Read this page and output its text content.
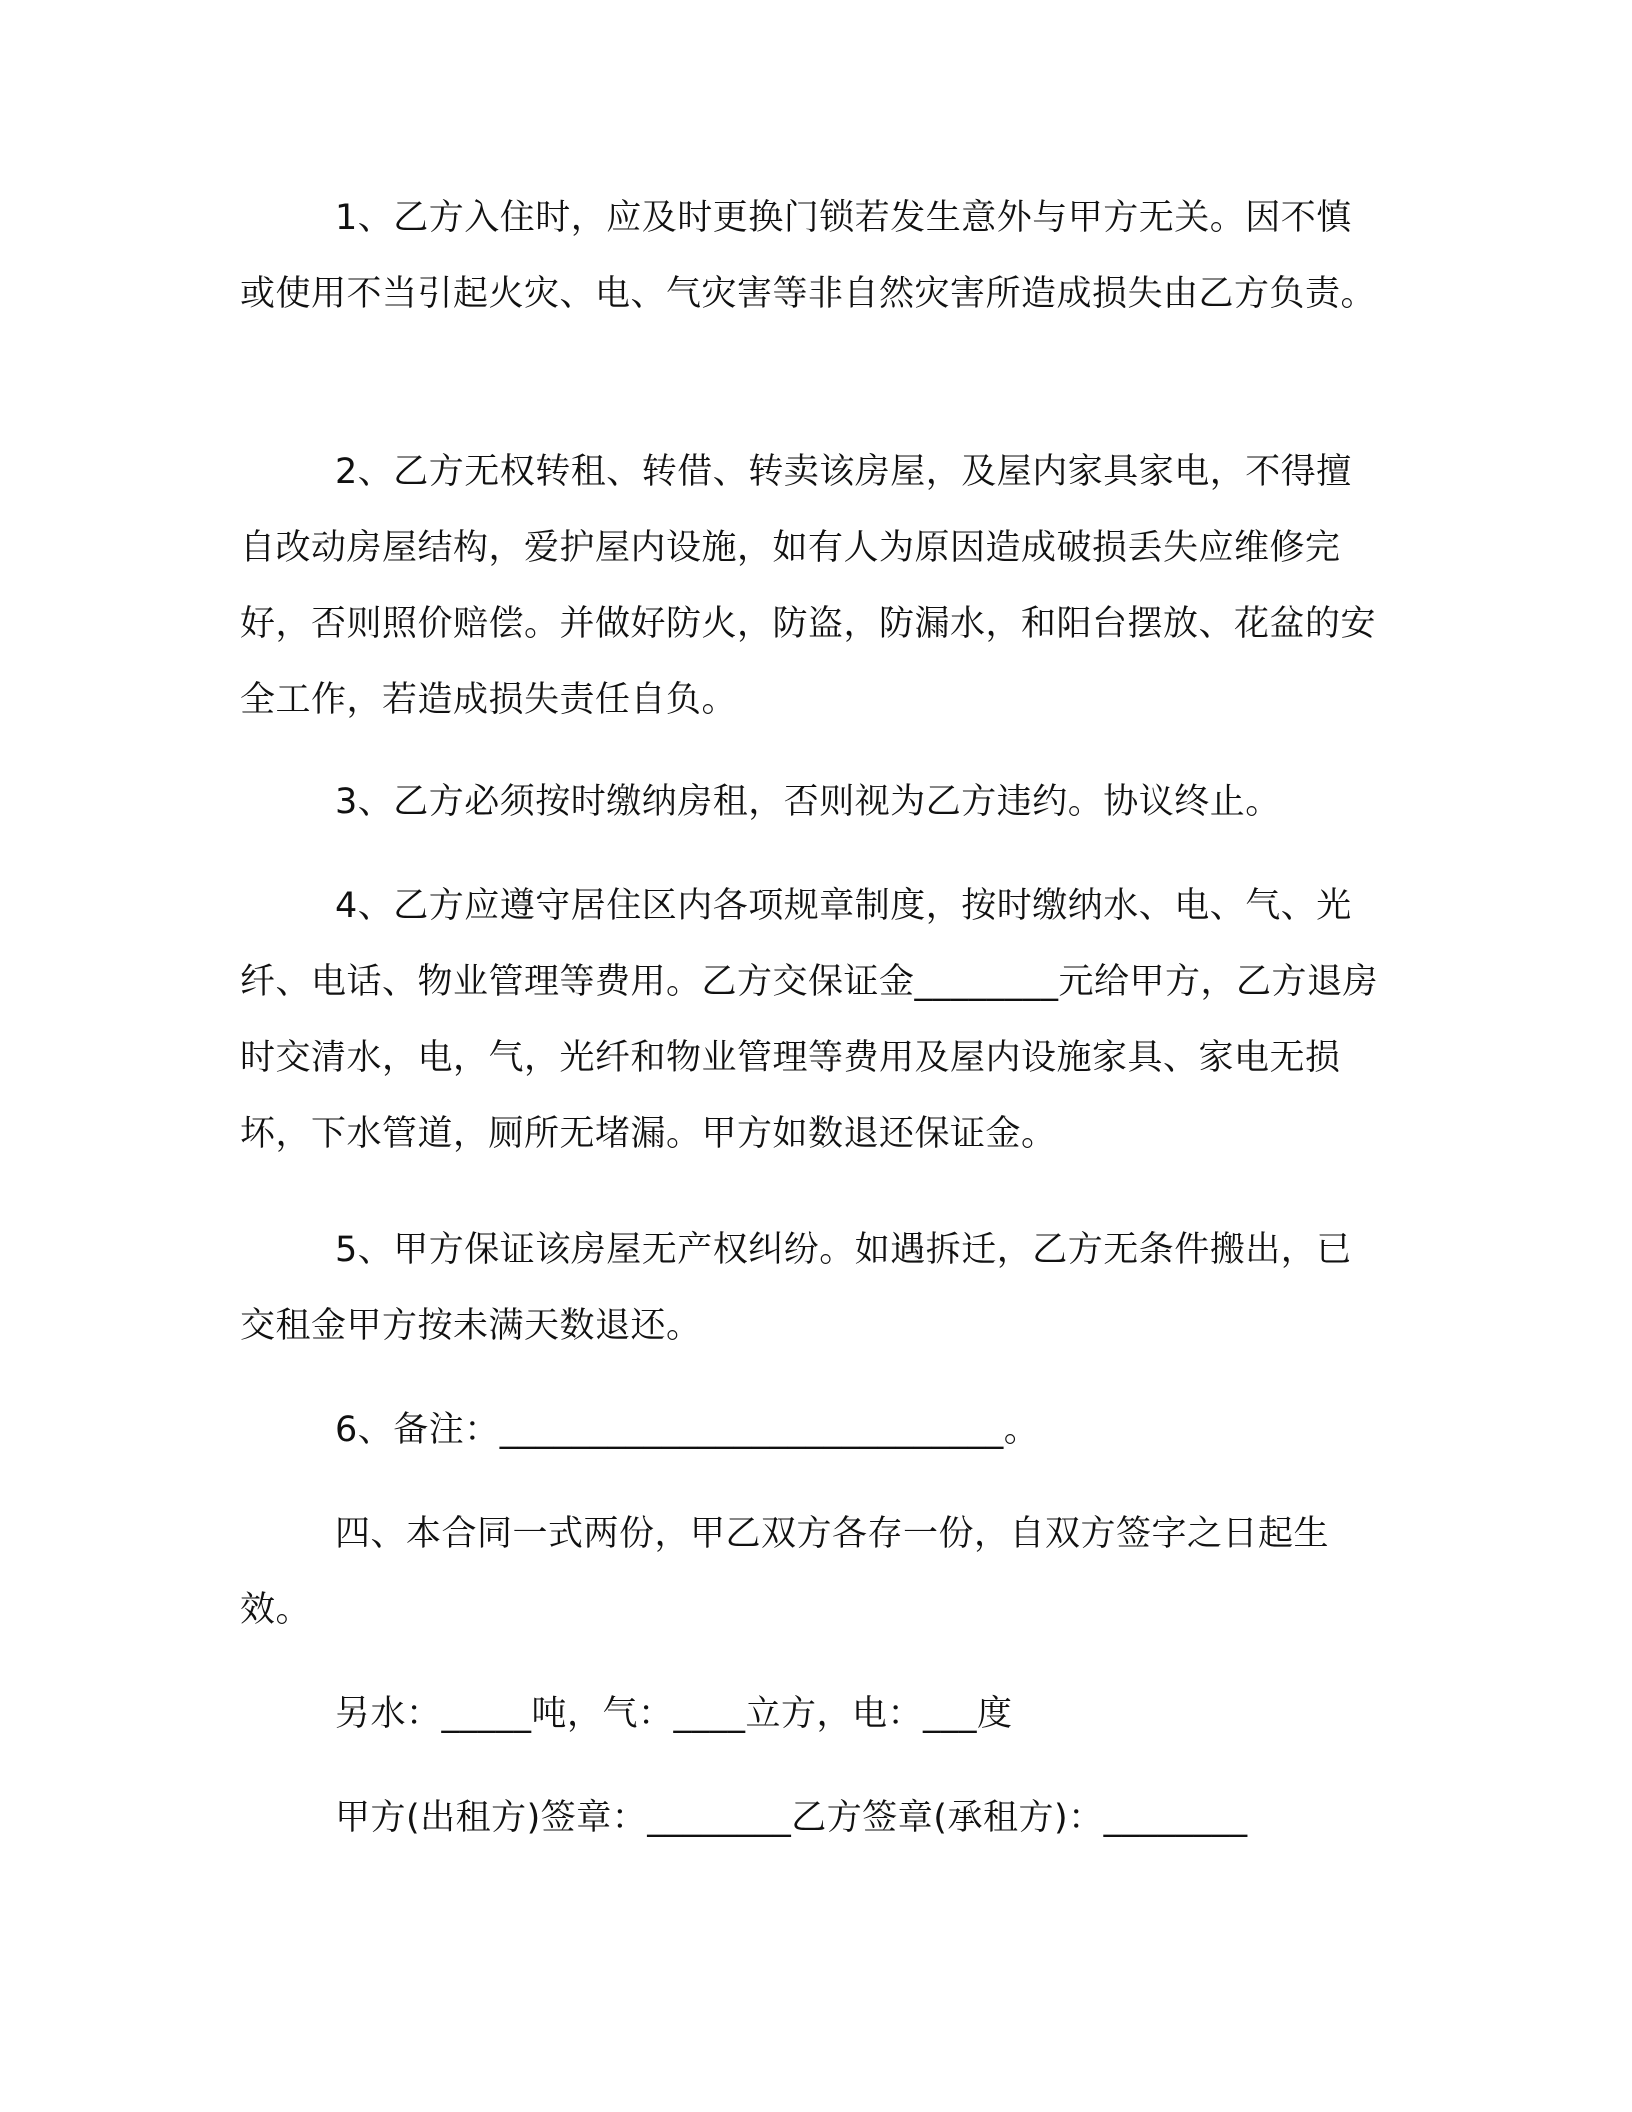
1、乙方入住时，应及时更换门锁若发生意外与甲方无关。因不慎或使用不当引起火灾、电、气灾害等非自然灾害所造成损失由乙方负责。

2、乙方无权转租、转借、转卖该房屋，及屋内家具家电，不得擅自改动房屋结构，爱护屋内设施，如有人为原因造成破损丢失应维修完好，否则照价赔偿。并做好防火，防盗，防漏水，和阳台摆放、花盆的安全工作，若造成损失责任自负。

3、乙方必须按时缴纳房租，否则视为乙方违约。协议终止。

4、乙方应遵守居住区内各项规章制度，按时缴纳水、电、气、光纤、电话、物业管理等费用。乙方交保证金________元给甲方，乙方退房时交清水，电，气，光纤和物业管理等费用及屋内设施家具、家电无损坏，下水管道，厕所无堵漏。甲方如数退还保证金。

5、甲方保证该房屋无产权纠纷。如遇拆迁，乙方无条件搬出，已交租金甲方按未满天数退还。

6、备注：____________________________。

四、本合同一式两份，甲乙双方各存一份，自双方签字之日起生效。

另水：_____吨，气：____立方，电：___度

甲方(出租方)签章：________乙方签章(承租方)：________
